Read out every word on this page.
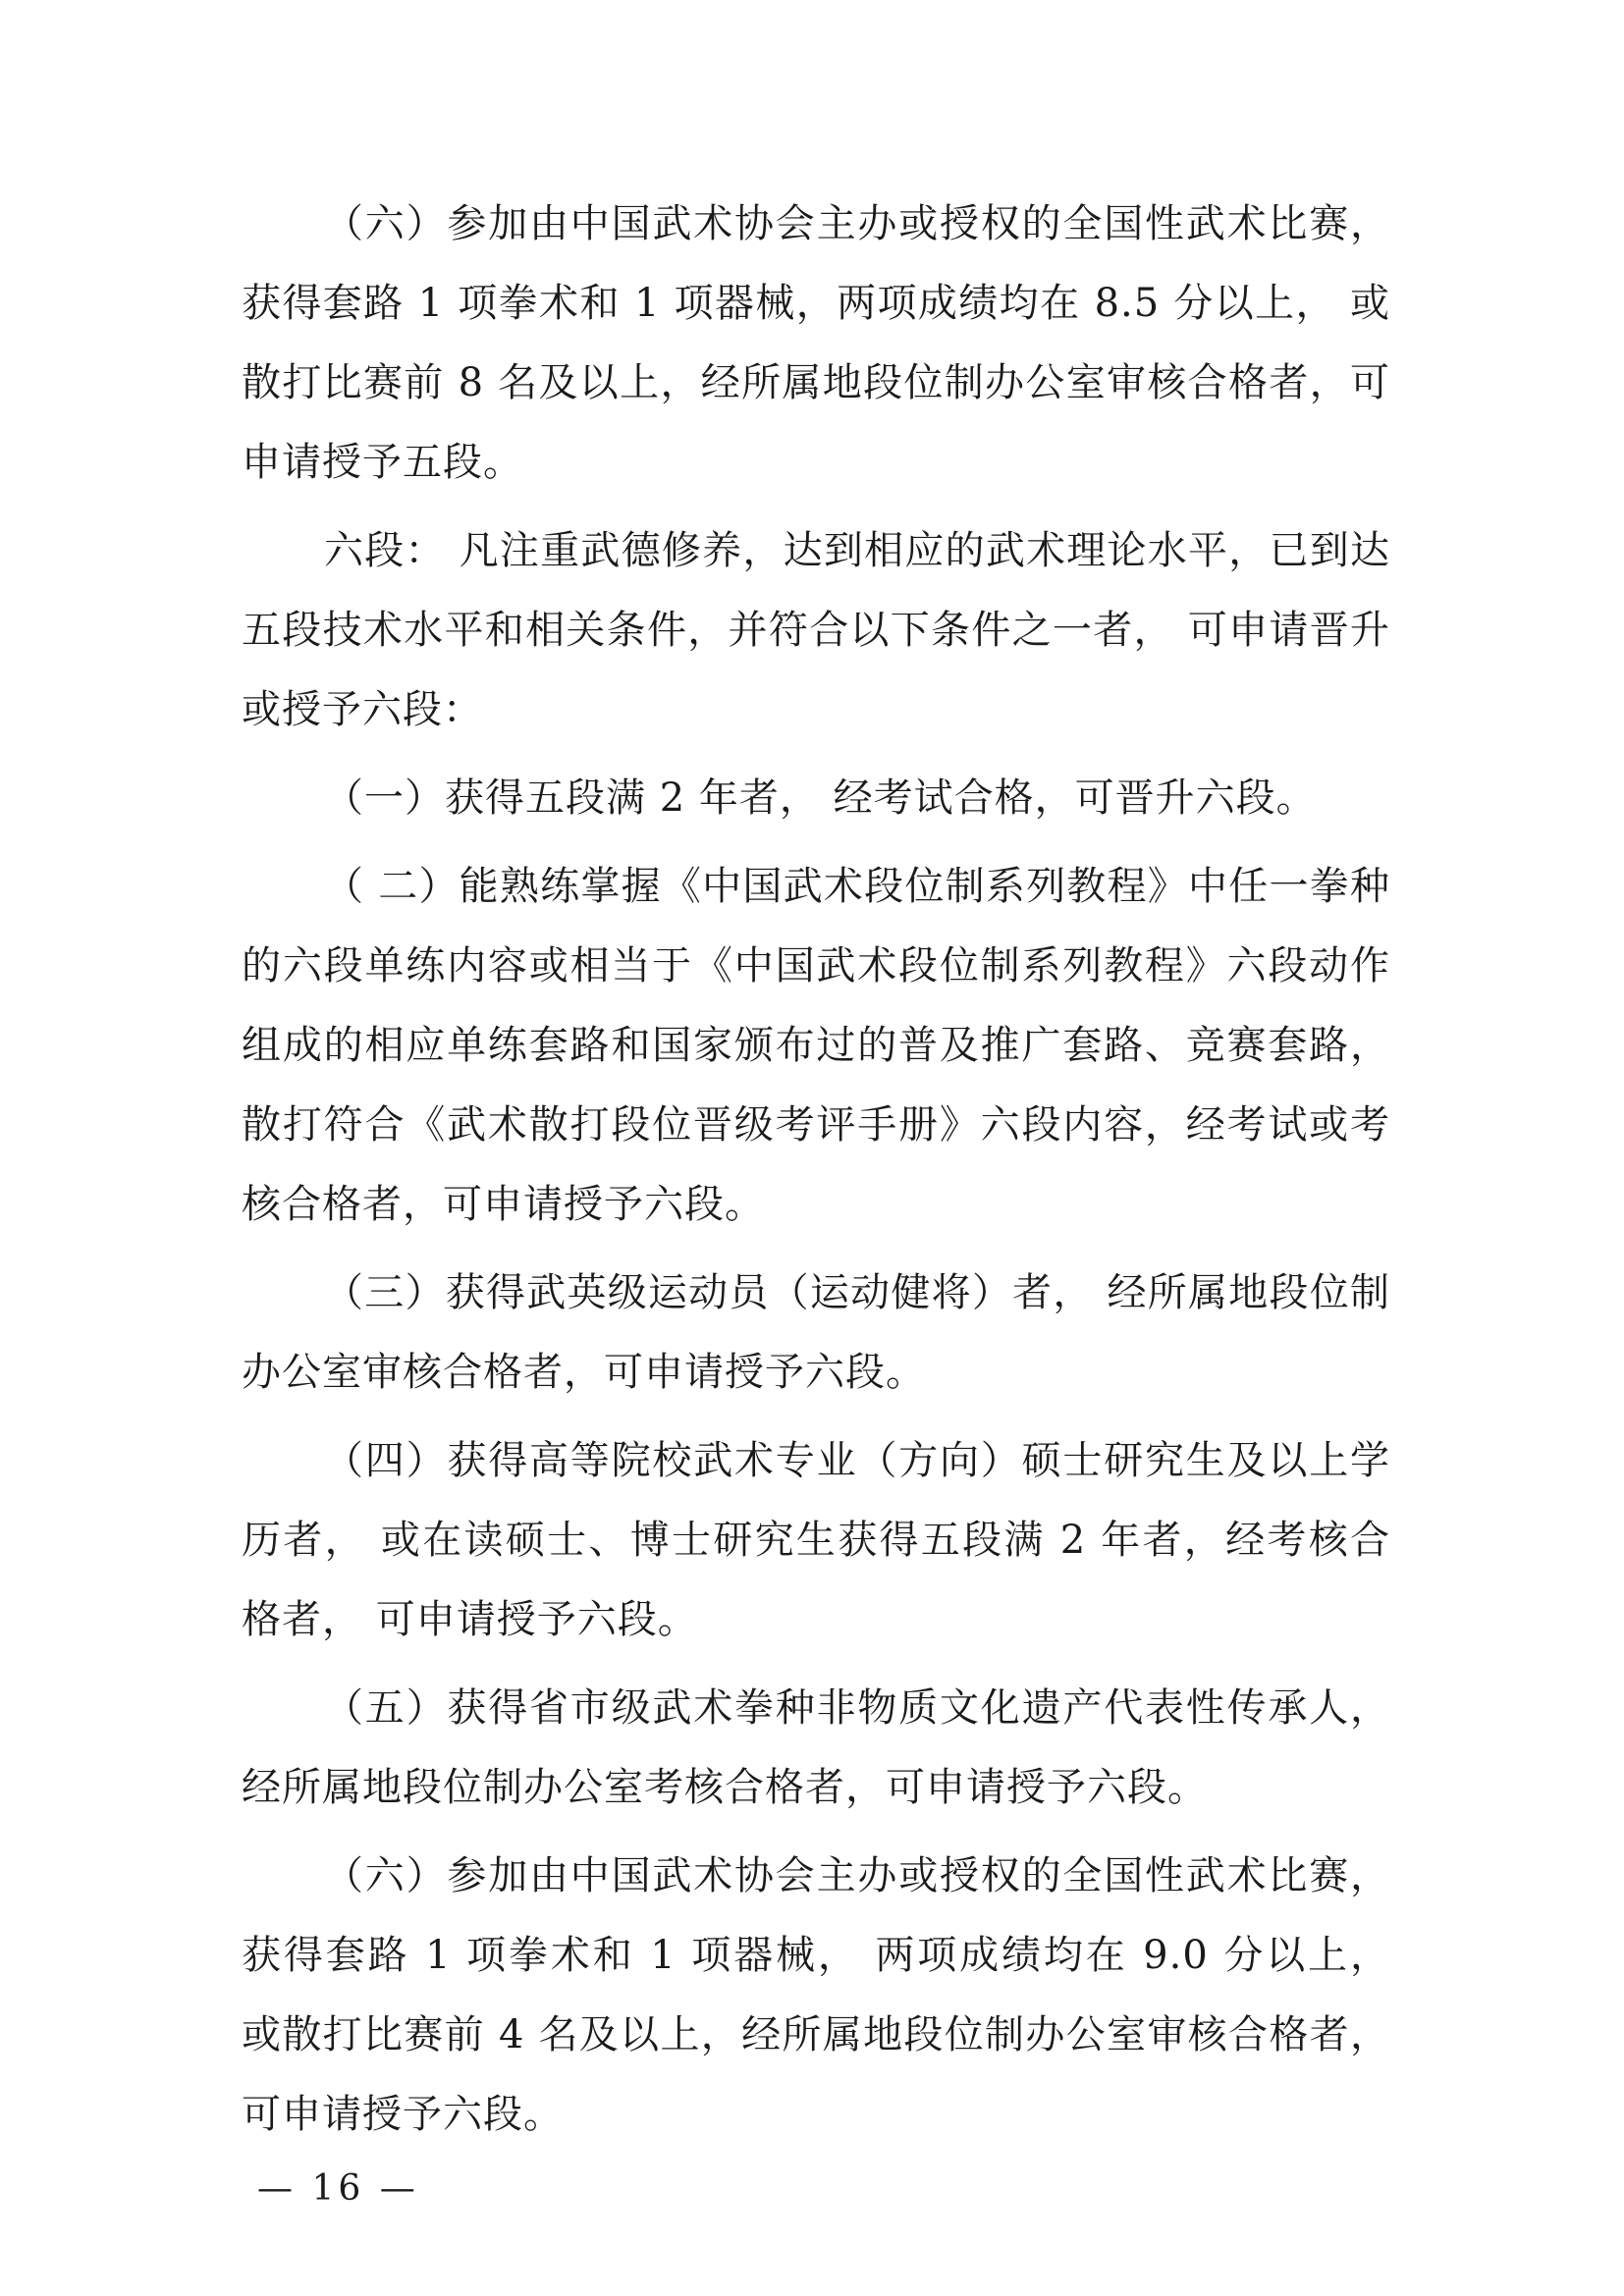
（六）参加由中国武术协会主办或授权的全国性武术比赛，获得套路 1 项拳术和 1 项器械，两项成绩均在 8.5 分以上， 或散打比赛前 8 名及以上，经所属地段位制办公室审核合格者，可申请授予五段。

六段： 凡注重武德修养，达到相应的武术理论水平，已到达五段技术水平和相关条件，并符合以下条件之一者， 可申请晋升或授予六段：

（一）获得五段满 2 年者， 经考试合格，可晋升六段。

（ 二）能熟练掌握《中国武术段位制系列教程》中任一拳种的六段单练内容或相当于《中国武术段位制系列教程》六段动作组成的相应单练套路和国家颁布过的普及推广套路、竞赛套路，散打符合《武术散打段位晋级考评手册》六段内容，经考试或考核合格者，可申请授予六段。

（三）获得武英级运动员（运动健将）者， 经所属地段位制办公室审核合格者，可申请授予六段。

（四）获得高等院校武术专业（方向）硕士研究生及以上学历者， 或在读硕士、博士研究生获得五段满 2 年者，经考核合格者， 可申请授予六段。

（五）获得省市级武术拳种非物质文化遗产代表性传承人，经所属地段位制办公室考核合格者，可申请授予六段。

（六）参加由中国武术协会主办或授权的全国性武术比赛，获得套路 1 项拳术和 1 项器械， 两项成绩均在 9.0 分以上， 或散打比赛前 4 名及以上，经所属地段位制办公室审核合格者，可申请授予六段。

— 16 —
